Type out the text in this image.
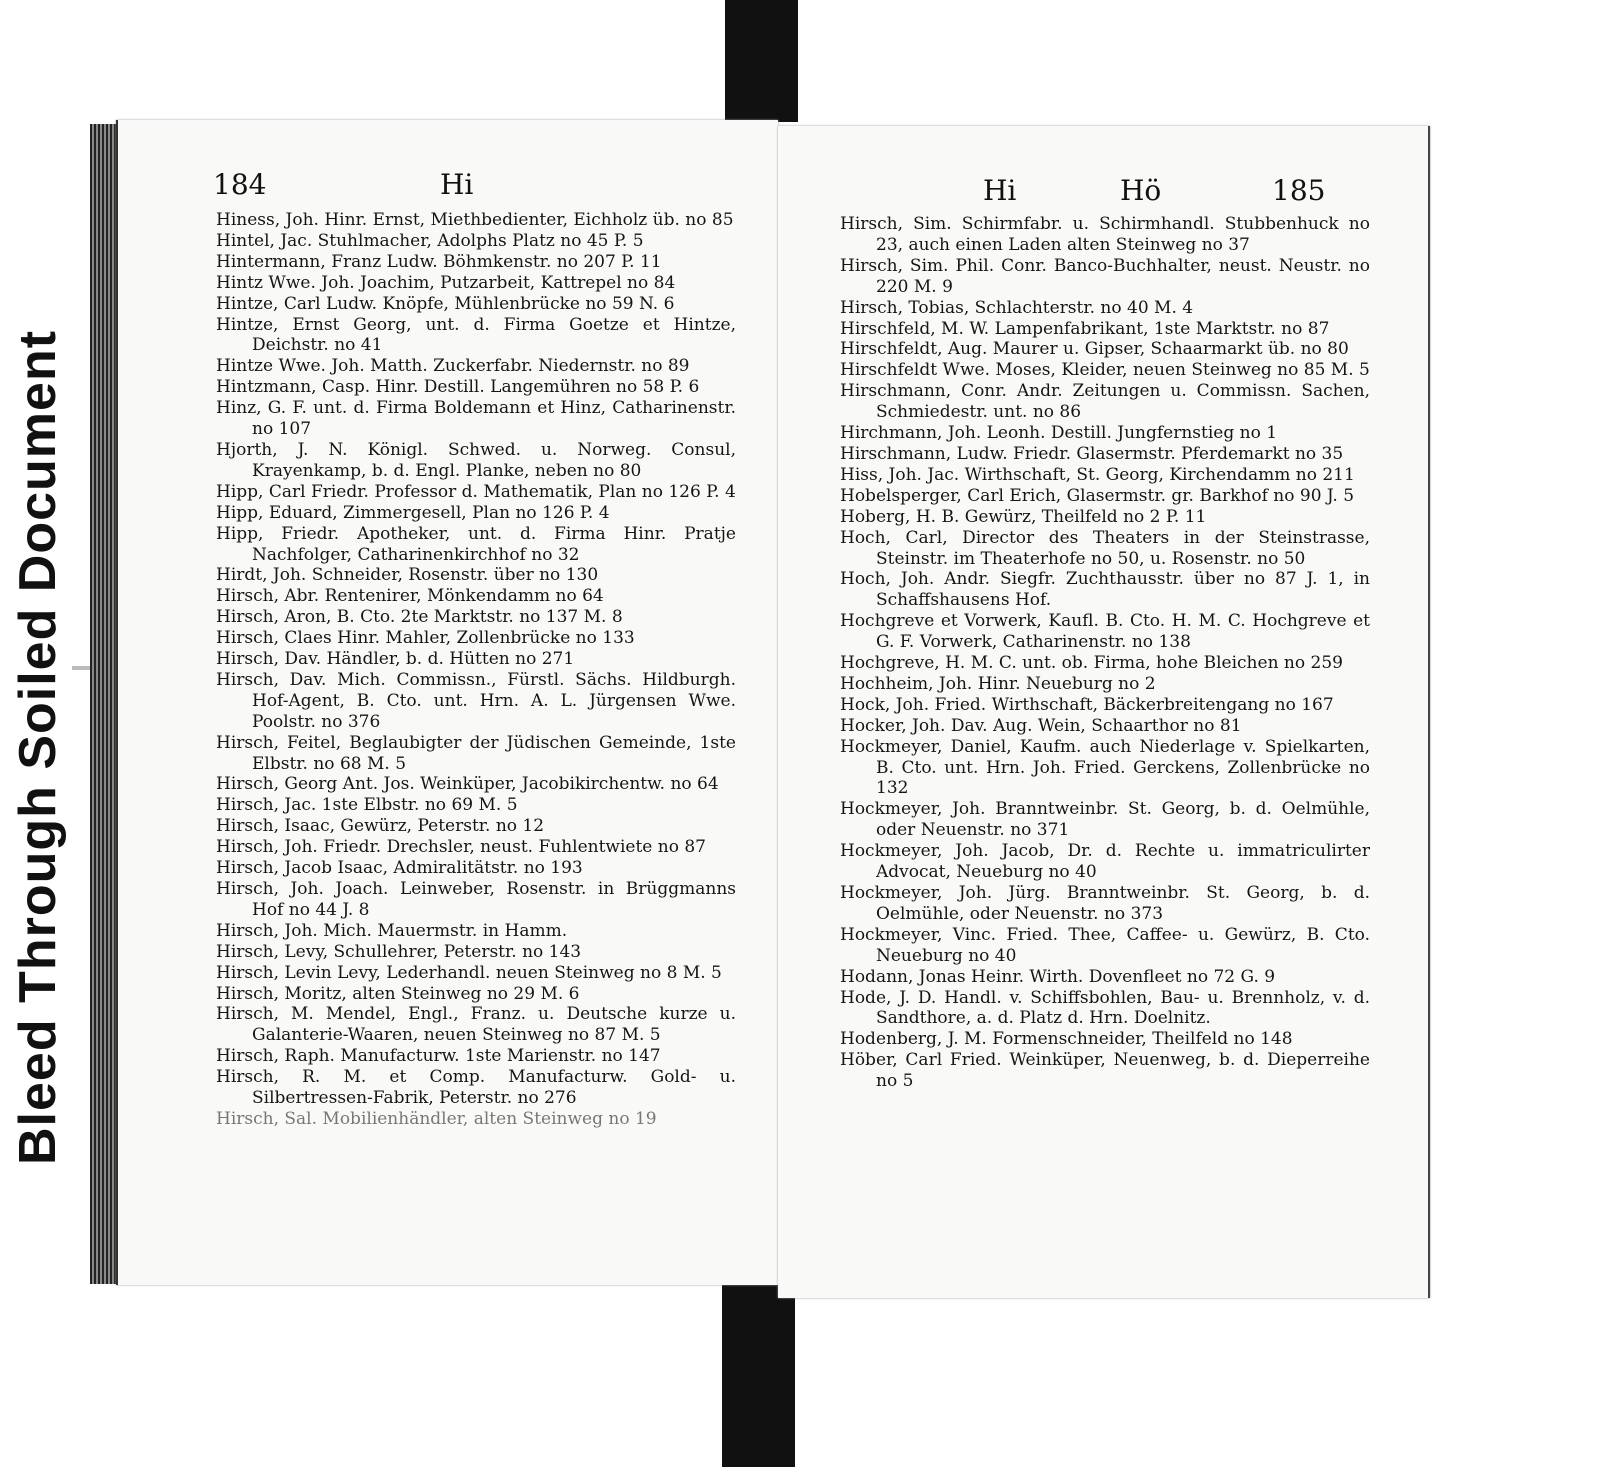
Bleed Through Soiled Document
184	Hi
Hiness, Joh. Hinr. Ernst, Miethbedienter, Eichholz üb. no 85
Hintel, Jac. Stuhlmacher, Adolphs Platz no 45 P. 5
Hintermann, Franz Ludw. Böhmkenstr. no 207 P. 11
Hintz Wwe. Joh. Joachim, Putzarbeit, Kattrepel no 84
Hintze, Carl Ludw. Knöpfe, Mühlenbrücke no 59 N. 6
Hintze, Ernst Georg, unt. d. Firma Goetze et Hintze, Deichstr. no 41
Hintze Wwe. Joh. Matth. Zuckerfabr. Niedernstr. no 89
Hintzmann, Casp. Hinr. Destill. Langemühren no 58 P. 6
Hinz, G. F. unt. d. Firma Boldemann et Hinz, Catharinenstr. no 107
Hjorth, J. N. Königl. Schwed. u. Norweg. Consul, Krayenkamp, b. d. Engl. Planke, neben no 80
Hipp, Carl Friedr. Professor d. Mathematik, Plan no 126 P. 4
Hipp, Eduard, Zimmergesell, Plan no 126 P. 4
Hipp, Friedr. Apotheker, unt. d. Firma Hinr. Pratje Nachfolger, Catharinenkirchhof no 32
Hirdt, Joh. Schneider, Rosenstr. über no 130
Hirsch, Abr. Rentenirer, Mönkendamm no 64
Hirsch, Aron, B. Cto. 2te Marktstr. no 137 M. 8
Hirsch, Claes Hinr. Mahler, Zollenbrücke no 133
Hirsch, Dav. Händler, b. d. Hütten no 271
Hirsch, Dav. Mich. Commissn., Fürstl. Sächs. Hildburgh. Hof-Agent, B. Cto. unt. Hrn. A. L. Jürgensen Wwe. Poolstr. no 376
Hirsch, Feitel, Beglaubigter der Jüdischen Gemeinde, 1ste Elbstr. no 68 M. 5
Hirsch, Georg Ant. Jos. Weinküper, Jacobikirchentw. no 64
Hirsch, Jac. 1ste Elbstr. no 69 M. 5
Hirsch, Isaac, Gewürz, Peterstr. no 12
Hirsch, Joh. Friedr. Drechsler, neust. Fuhlentwiete no 87
Hirsch, Jacob Isaac, Admiralitätstr. no 193
Hirsch, Joh. Joach. Leinweber, Rosenstr. in Brüggmanns Hof no 44 J. 8
Hirsch, Joh. Mich. Mauermstr. in Hamm.
Hirsch, Levy, Schullehrer, Peterstr. no 143
Hirsch, Levin Levy, Lederhandl. neuen Steinweg no 8 M. 5
Hirsch, Moritz, alten Steinweg no 29 M. 6
Hirsch, M. Mendel, Engl., Franz. u. Deutsche kurze u. Galanterie-Waaren, neuen Steinweg no 87 M. 5
Hirsch, Raph. Manufacturw. 1ste Marienstr. no 147
Hirsch, R. M. et Comp. Manufacturw. Gold- u. Silbertressen-Fabrik, Peterstr. no 276
Hirsch, Sal. Mobilienhändler, alten Steinweg no 19
Hi	Hö	185
Hirsch, Sim. Schirmfabr. u. Schirmhandl. Stubbenhuck no 23, auch einen Laden alten Steinweg no 37
Hirsch, Sim. Phil. Conr. Banco-Buchhalter, neust. Neustr. no 220 M. 9
Hirsch, Tobias, Schlachterstr. no 40 M. 4
Hirschfeld, M. W. Lampenfabrikant, 1ste Marktstr. no 87
Hirschfeldt, Aug. Maurer u. Gipser, Schaarmarkt üb. no 80
Hirschfeldt Wwe. Moses, Kleider, neuen Steinweg no 85 M. 5
Hirschmann, Conr. Andr. Zeitungen u. Commissn. Sachen, Schmiedestr. unt. no 86
Hirchmann, Joh. Leonh. Destill. Jungfernstieg no 1
Hirschmann, Ludw. Friedr. Glasermstr. Pferdemarkt no 35
Hiss, Joh. Jac. Wirthschaft, St. Georg, Kirchendamm no 211
Hobelsperger, Carl Erich, Glasermstr. gr. Barkhof no 90 J. 5
Hoberg, H. B. Gewürz, Theilfeld no 2 P. 11
Hoch, Carl, Director des Theaters in der Steinstrasse, Steinstr. im Theaterhofe no 50, u. Rosenstr. no 50
Hoch, Joh. Andr. Siegfr. Zuchthausstr. über no 87 J. 1, in Schaffshausens Hof.
Hochgreve et Vorwerk, Kaufl. B. Cto. H. M. C. Hochgreve et G. F. Vorwerk, Catharinenstr. no 138
Hochgreve, H. M. C. unt. ob. Firma, hohe Bleichen no 259
Hochheim, Joh. Hinr. Neueburg no 2
Hock, Joh. Fried. Wirthschaft, Bäckerbreitengang no 167
Hocker, Joh. Dav. Aug. Wein, Schaarthor no 81
Hockmeyer, Daniel, Kaufm. auch Niederlage v. Spielkarten, B. Cto. unt. Hrn. Joh. Fried. Gerckens, Zollenbrücke no 132
Hockmeyer, Joh. Branntweinbr. St. Georg, b. d. Oelmühle, oder Neuenstr. no 371
Hockmeyer, Joh. Jacob, Dr. d. Rechte u. immatriculirter Advocat, Neueburg no 40
Hockmeyer, Joh. Jürg. Branntweinbr. St. Georg, b. d. Oelmühle, oder Neuenstr. no 373
Hockmeyer, Vinc. Fried. Thee, Caffee- u. Gewürz, B. Cto. Neueburg no 40
Hodann, Jonas Heinr. Wirth. Dovenfleet no 72 G. 9
Hode, J. D. Handl. v. Schiffsbohlen, Bau- u. Brennholz, v. d. Sandthore, a. d. Platz d. Hrn. Doelnitz.
Hodenberg, J. M. Formenschneider, Theilfeld no 148
Höber, Carl Fried. Weinküper, Neuenweg, b. d. Dieperreihe no 5
